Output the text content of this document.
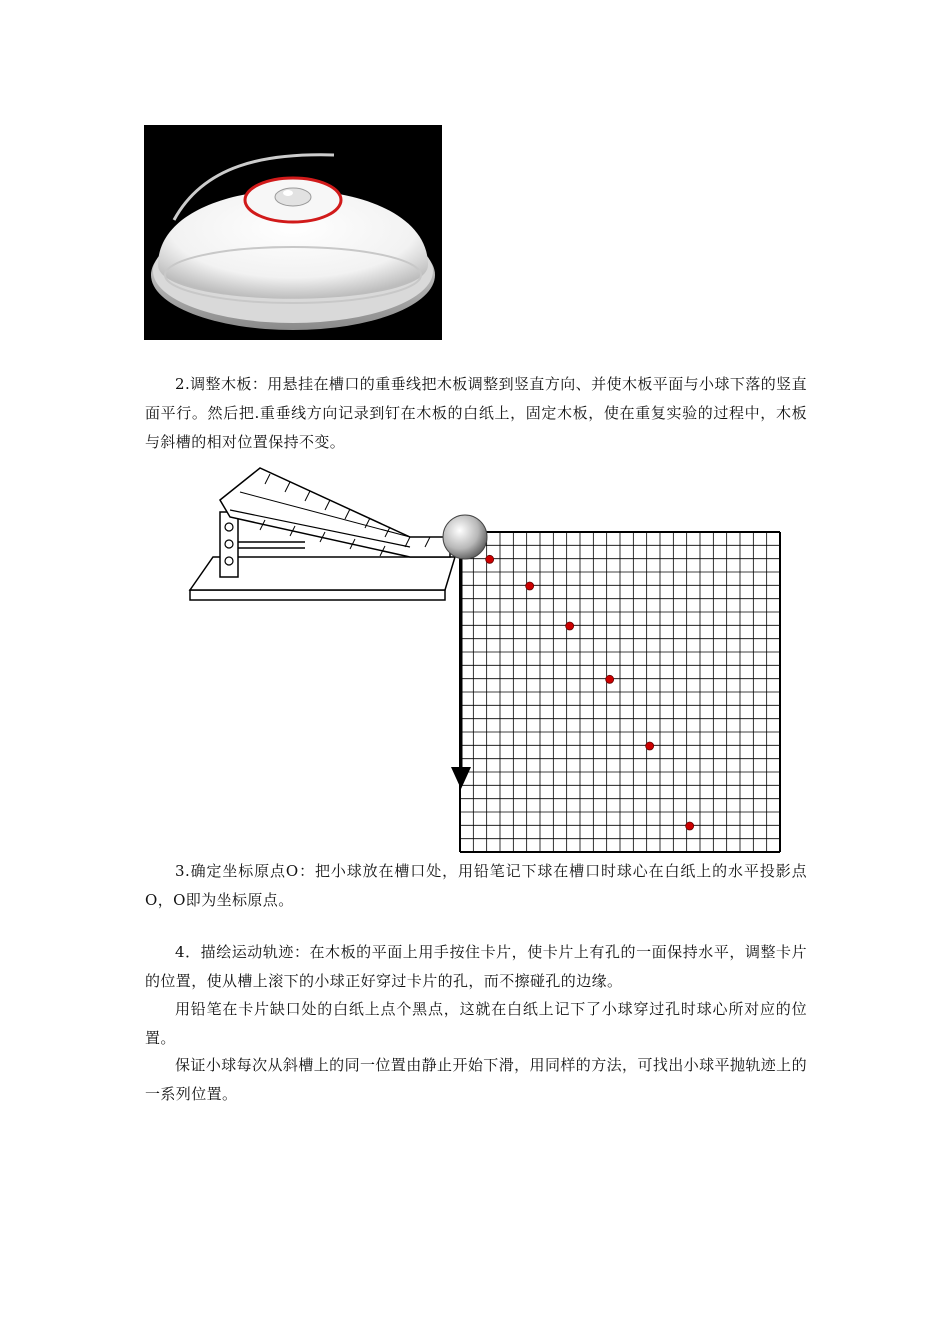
2.调整木板：用悬挂在槽口的重垂线把木板调整到竖直方向、并使木板平面与小球下落的竖直面平行。然后把.重垂线方向记录到钉在木板的白纸上，固定木板，使在重复实验的过程中，木板与斜槽的相对位置保持不变。

3.确定坐标原点O：把小球放在槽口处，用铅笔记下球在槽口时球心在白纸上的水平投影点O，O即为坐标原点。

4．描绘运动轨迹：在木板的平面上用手按住卡片，使卡片上有孔的一面保持水平，调整卡片的位置，使从槽上滚下的小球正好穿过卡片的孔，而不擦碰孔的边缘。

用铅笔在卡片缺口处的白纸上点个黑点，这就在白纸上记下了小球穿过孔时球心所对应的位置。

保证小球每次从斜槽上的同一位置由静止开始下滑，用同样的方法，可找出小球平抛轨迹上的一系列位置。
